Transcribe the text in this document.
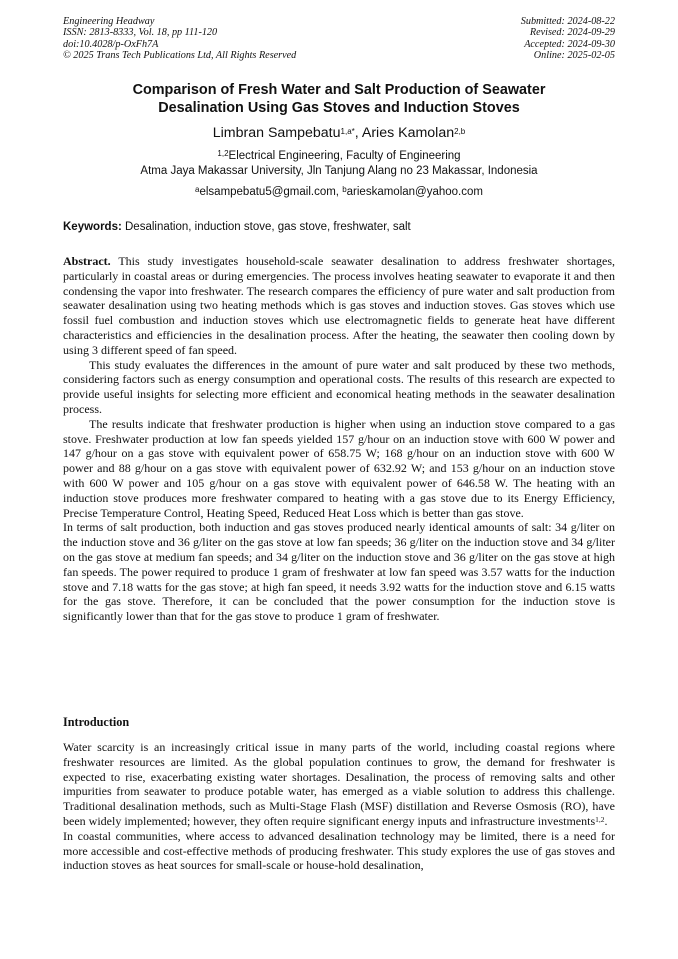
Engineering Headway
ISSN: 2813-8333, Vol. 18, pp 111-120
doi:10.4028/p-OxFh7A
© 2025 Trans Tech Publications Ltd, All Rights Reserved
Submitted: 2024-08-22
Revised: 2024-09-29
Accepted: 2024-09-30
Online: 2025-02-05
Comparison of Fresh Water and Salt Production of Seawater
Desalination Using Gas Stoves and Induction Stoves
Limbran Sampebatu$^{1,a*}$, Aries Kamolan$^{2,b}$
$^{1,2}$Electrical Engineering, Faculty of Engineering
Atma Jaya Makassar University, Jln Tanjung Alang no 23 Makassar, Indonesia
$^a$elsampebatu5@gmail.com, $^b$arieskamolan@yahoo.com
Keywords: Desalination, induction stove, gas stove, freshwater, salt

Abstract. This study investigates household-scale seawater desalination to address freshwater shortages, particularly in coastal areas or during emergencies. The process involves heating seawater to evaporate it and then condensing the vapor into freshwater. The research compares the efficiency of pure water and salt production from seawater desalination using two heating methods which is gas stoves and induction stoves. Gas stoves which use fossil fuel combustion and induction stoves which use electromagnetic fields to generate heat have different characteristics and efficiencies in the desalination process. After the heating, the seawater then cooling down by using 3 different speed of fan speed.

This study evaluates the differences in the amount of pure water and salt produced by these two methods, considering factors such as energy consumption and operational costs. The results of this research are expected to provide useful insights for selecting more efficient and economical heating methods in the seawater desalination process.

The results indicate that freshwater production is higher when using an induction stove compared to a gas stove. Freshwater production at low fan speeds yielded 157 g/hour on an induction stove with 600 W power and 147 g/hour on a gas stove with equivalent power of 658.75 W; 168 g/hour on an induction stove with 600 W power and 88 g/hour on a gas stove with equivalent power of 632.92 W; and 153 g/hour on an induction stove with 600 W power and 105 g/hour on a gas stove with equivalent power of 646.58 W. The heating with an induction stove produces more freshwater compared to heating with a gas stove due to its Energy Efficiency, Precise Temperature Control, Heating Speed, Reduced Heat Loss which is better than gas stove.

In terms of salt production, both induction and gas stoves produced nearly identical amounts of salt: 34 g/liter on the induction stove and 36 g/liter on the gas stove at low fan speeds; 36 g/liter on the induction stove and 34 g/liter on the gas stove at medium fan speeds; and 34 g/liter on the induction stove and 36 g/liter on the gas stove at high fan speeds. The power required to produce 1 gram of freshwater at low fan speed was 3.57 watts for the induction stove and 7.18 watts for the gas stove; at high fan speed, it needs 3.92 watts for the induction stove and 6.15 watts for the gas stove. Therefore, it can be concluded that the power consumption for the induction stove is significantly lower than that for the gas stove to produce 1 gram of freshwater.

Introduction

Water scarcity is an increasingly critical issue in many parts of the world, including coastal regions where freshwater resources are limited. As the global population continues to grow, the demand for freshwater is expected to rise, exacerbating existing water shortages. Desalination, the process of removing salts and other impurities from seawater to produce potable water, has emerged as a viable solution to address this challenge. Traditional desalination methods, such as Multi-Stage Flash (MSF) distillation and Reverse Osmosis (RO), have been widely implemented; however, they often require significant energy inputs and infrastructure investments$^{1,2}$.

In coastal communities, where access to advanced desalination technology may be limited, there is a need for more accessible and cost-effective methods of producing freshwater. This study explores the use of gas stoves and induction stoves as heat sources for small-scale or house-hold desalination,
